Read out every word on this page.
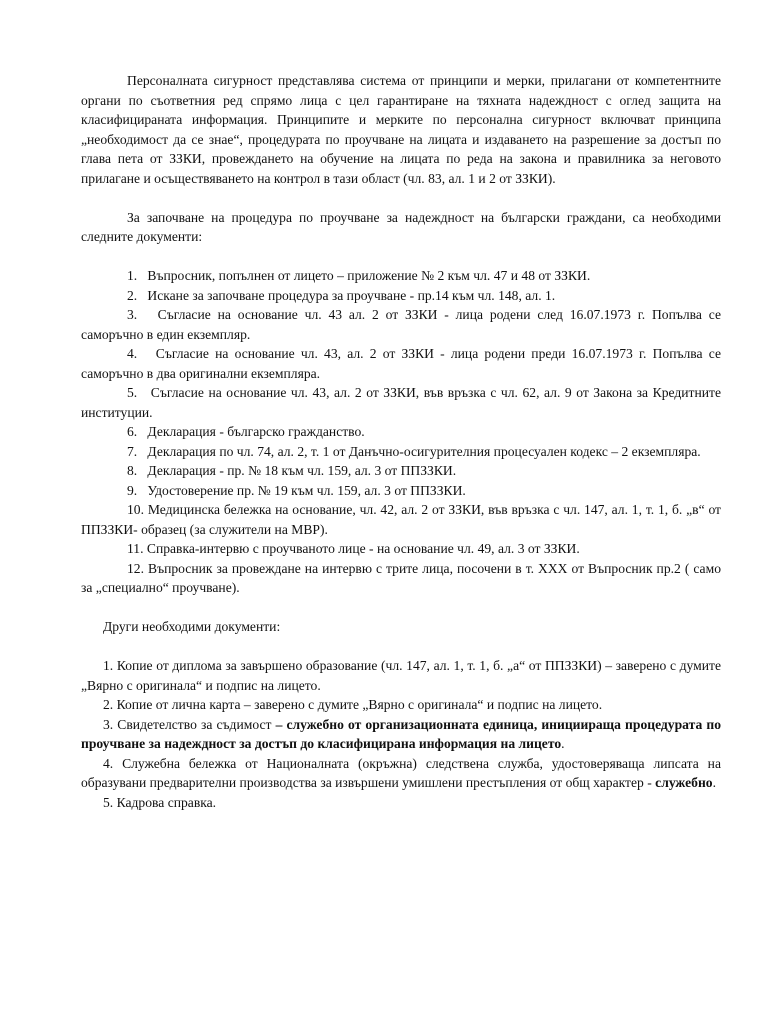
Персоналната сигурност представлява система от принципи и мерки, прилагани от компетентните органи по съответния ред спрямо лица с цел гарантиране на тяхната надеждност с оглед защита на класифицираната информация. Принципите и мерките по персонална сигурност включват принципа „необходимост да се знае“, процедурата по проучване на лицата и издаването на разрешение за достъп по глава пета от ЗЗКИ, провеждането на обучение на лицата по реда на закона и правилника за неговото прилагане и осъществяването на контрол в тази област (чл. 83, ал. 1 и 2 от ЗЗКИ).

За започване на процедура по проучване за надеждност на български граждани, са необходими следните документи:

1.   Въпросник, попълнен от лицето – приложение № 2 към чл. 47 и 48 от ЗЗКИ.

2.   Искане за започване процедура за проучване - пр.14 към чл. 148, ал. 1.

3.   Съгласие на основание чл. 43 ал. 2 от ЗЗКИ - лица родени след 16.07.1973 г. Попълва се саморъчно в един екземпляр.

4.   Съгласие на основание чл. 43, ал. 2 от ЗЗКИ - лица родени преди 16.07.1973 г. Попълва се саморъчно в два оригинални екземпляра.

5.   Съгласие на основание чл. 43, ал. 2 от ЗЗКИ, във връзка с чл. 62, ал. 9 от Закона за Кредитните институции.

6.   Декларация - българско гражданство.

7.   Декларация по чл. 74, ал. 2, т. 1 от Данъчно-осигурителния процесуален кодекс – 2 екземпляра.

8.   Декларация - пр. № 18 към чл. 159, ал. 3 от ППЗЗКИ.

9.   Удостоверение пр. № 19 към чл. 159, ал. 3 от ППЗЗКИ.

10. Медицинска бележка на основание, чл. 42, ал. 2 от ЗЗКИ, във връзка с чл. 147, ал. 1, т. 1, б. „в“ от ППЗЗКИ- образец (за служители на МВР).

11. Справка-интервю с проучваното лице - на основание чл. 49, ал. 3 от ЗЗКИ.

12. Въпросник за провеждане на интервю с трите лица, посочени в т. ХХХ от Въпросник пр.2 ( само за „специално“ проучване).

Други необходими документи:

1. Копие от диплома за завършено образование (чл. 147, ал. 1, т. 1, б. „а“ от ППЗЗКИ) – заверено с думите „Вярно с оригинала“ и подпис на лицето.

2. Копие от лична карта – заверено с думите „Вярно с оригинала“ и подпис на лицето.

3. Свидетелство за съдимост – служебно от организационната единица, инициираща процедурата по проучване за надеждност за достъп до класифицирана информация на лицето.

4. Служебна бележка от Националната (окръжна) следствена служба, удостоверяваща липсата на образувани предварителни производства за извършени умишлени престъпления от общ характер - служебно.

5. Кадрова справка.
